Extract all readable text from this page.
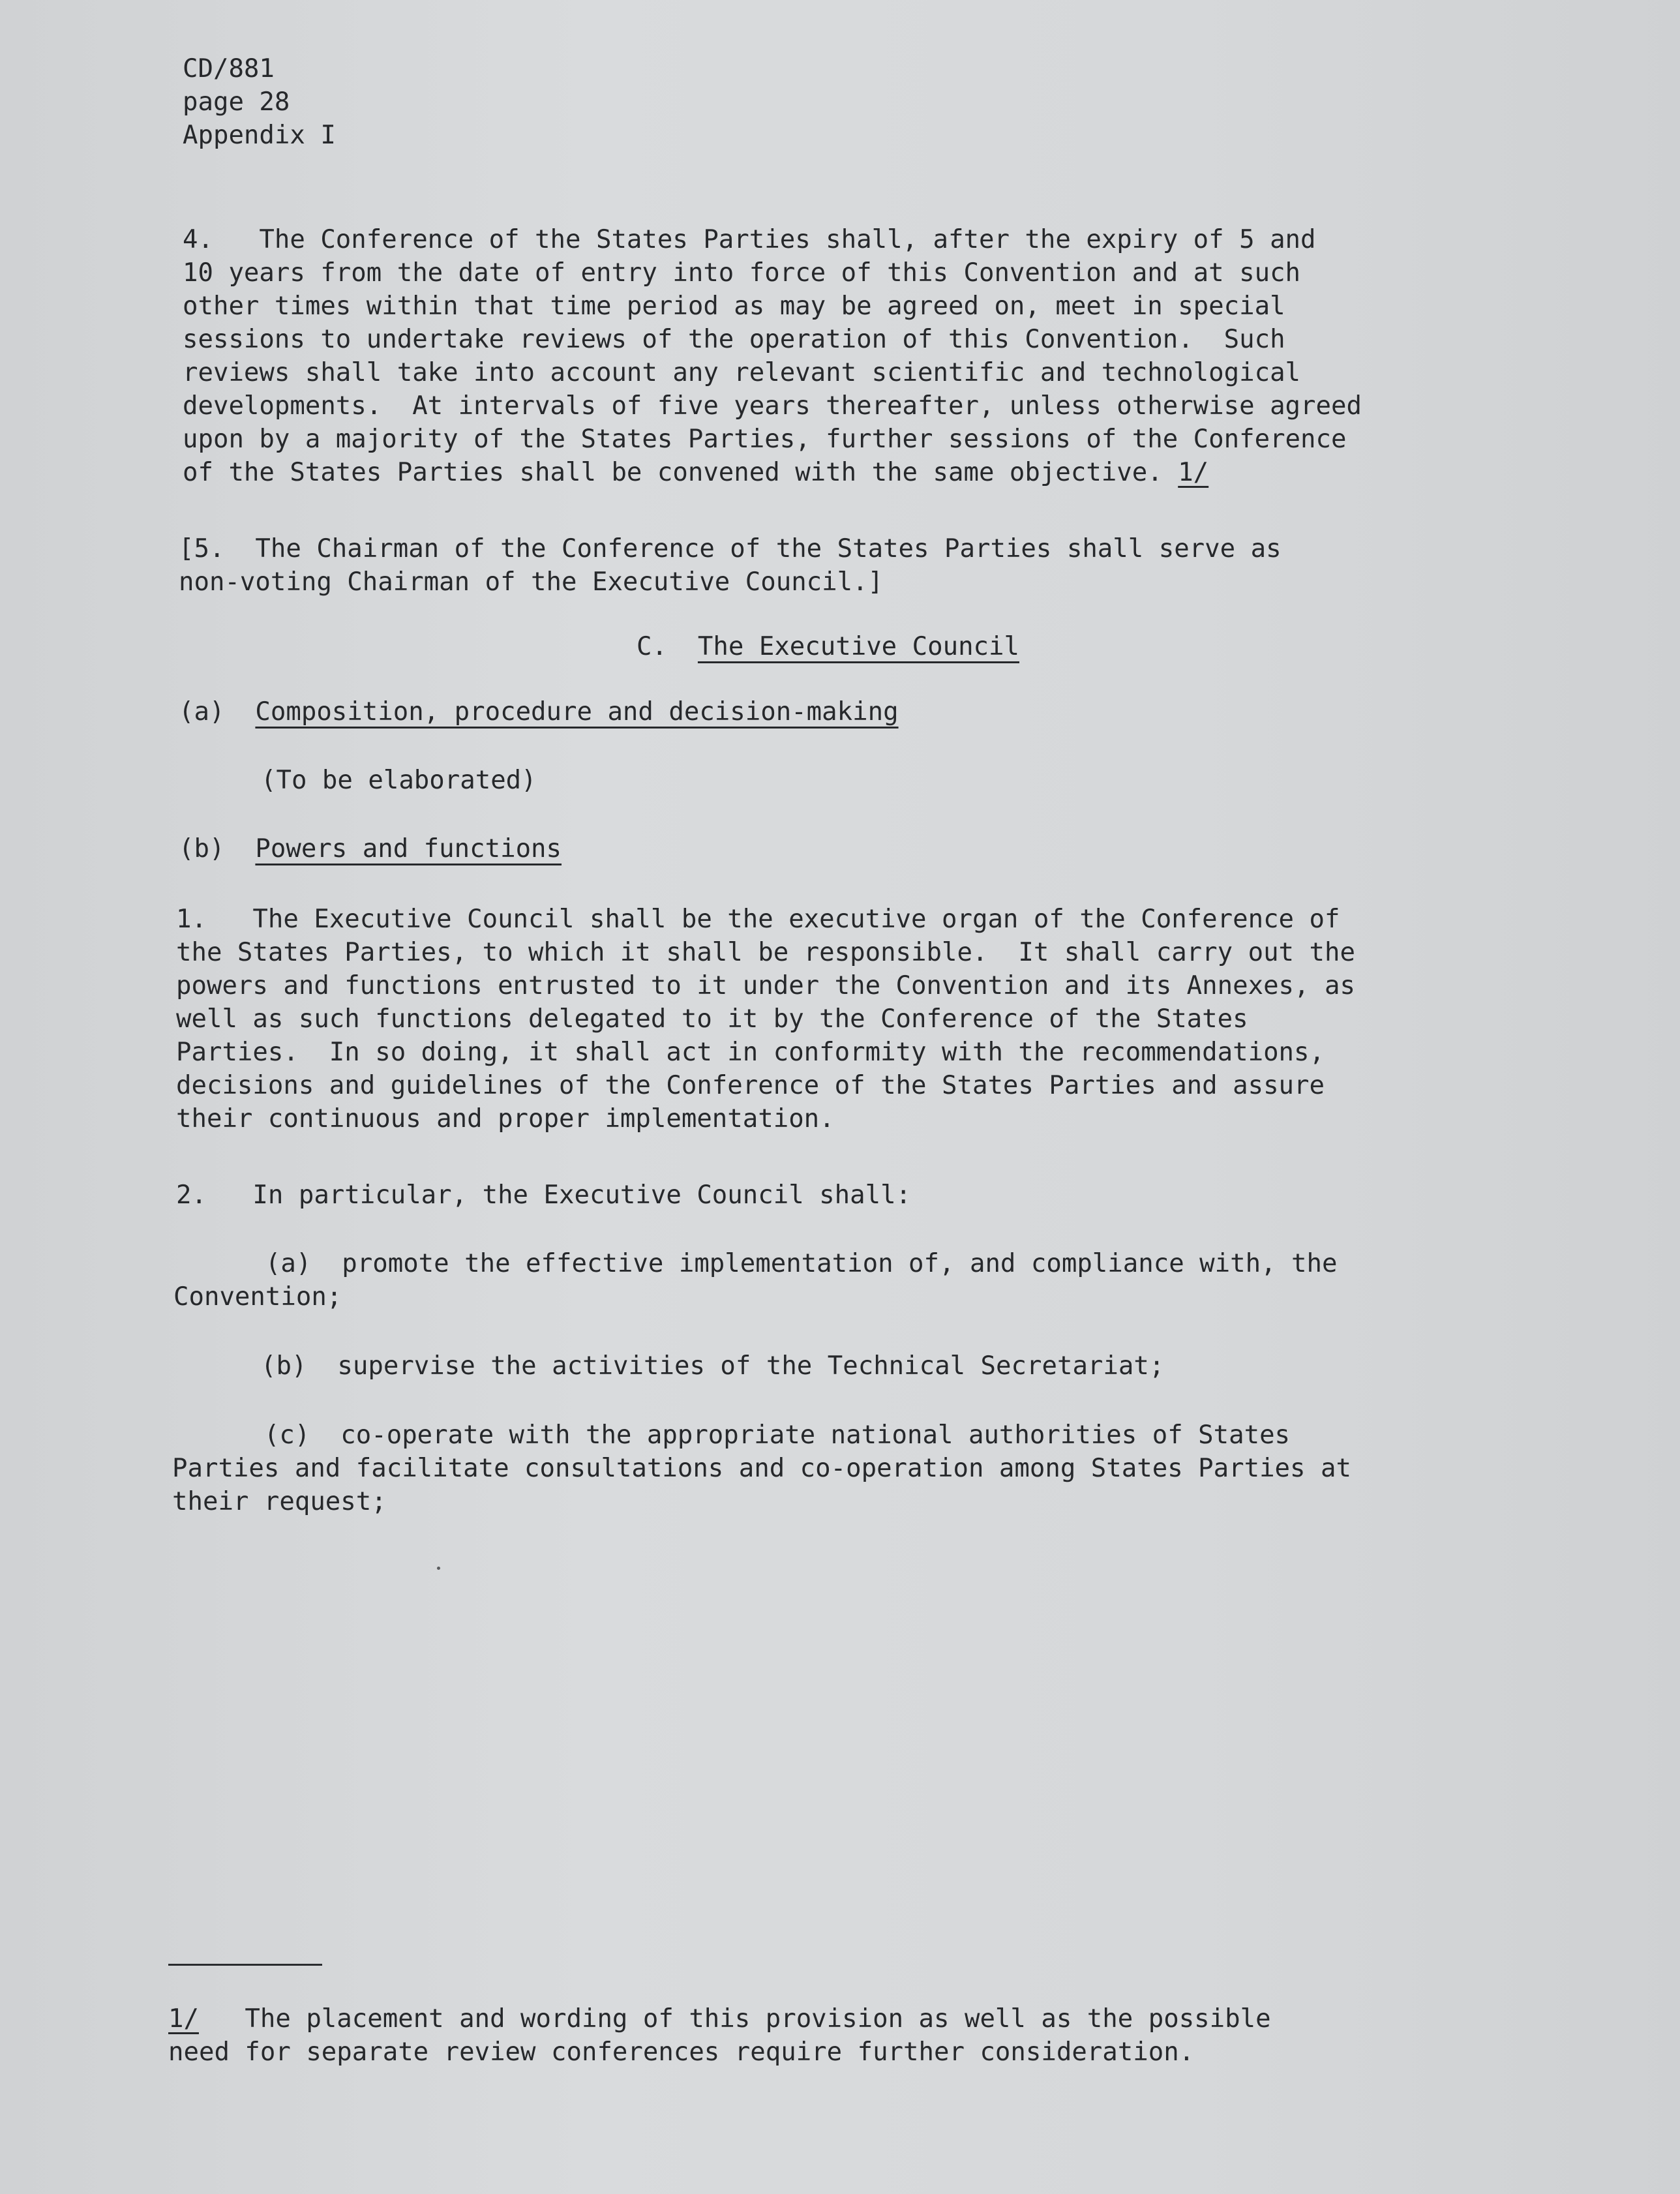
CD/881
page 28
Appendix I
4.   The Conference of the States Parties shall, after the expiry of 5 and
10 years from the date of entry into force of this Convention and at such
other times within that time period as may be agreed on, meet in special
sessions to undertake reviews of the operation of this Convention.  Such
reviews shall take into account any relevant scientific and technological
developments.  At intervals of five years thereafter, unless otherwise agreed
upon by a majority of the States Parties, further sessions of the Conference
of the States Parties shall be convened with the same objective. 1/
[5.  The Chairman of the Conference of the States Parties shall serve as
non-voting Chairman of the Executive Council.]
C.  The Executive Council
(a)  Composition, procedure and decision-making
(To be elaborated)
(b)  Powers and functions
1.   The Executive Council shall be the executive organ of the Conference of
the States Parties, to which it shall be responsible.  It shall carry out the
powers and functions entrusted to it under the Convention and its Annexes, as
well as such functions delegated to it by the Conference of the States
Parties.  In so doing, it shall act in conformity with the recommendations,
decisions and guidelines of the Conference of the States Parties and assure
their continuous and proper implementation.
2.   In particular, the Executive Council shall:
(a)  promote the effective implementation of, and compliance with, the
Convention;
(b)  supervise the activities of the Technical Secretariat;
(c)  co-operate with the appropriate national authorities of States
Parties and facilitate consultations and co-operation among States Parties at
their request;
1/   The placement and wording of this provision as well as the possible
need for separate review conferences require further consideration.
